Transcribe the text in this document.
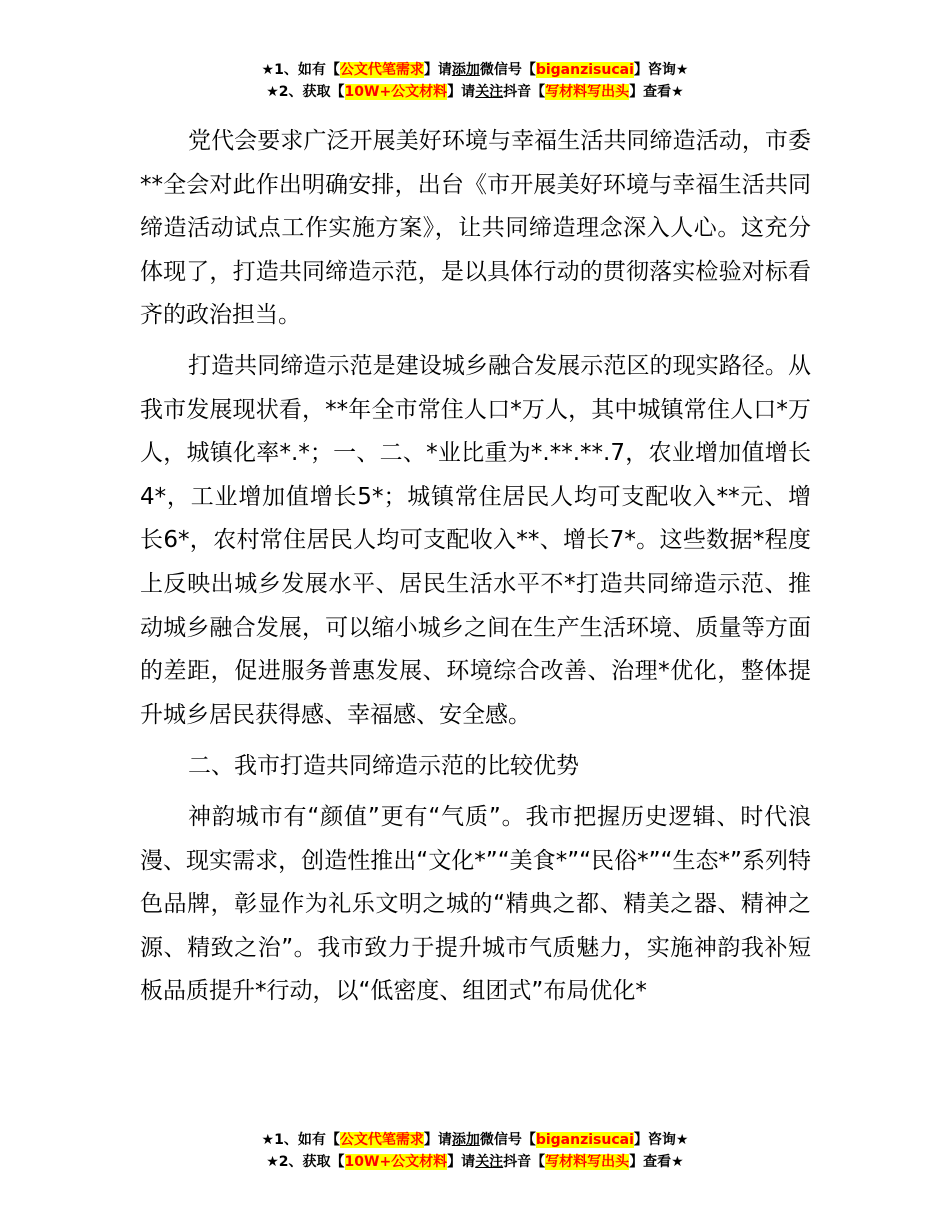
★1、如有【公文代笔需求】请添加微信号【biganzisucai】咨询★
★2、获取【10W+公文材料】请关注抖音【写材料写出头】查看★

党代会要求广泛开展美好环境与幸福生活共同缔造活动，市委**全会对此作出明确安排，出台《市开展美好环境与幸福生活共同缔造活动试点工作实施方案》，让共同缔造理念深入人心。这充分体现了，打造共同缔造示范，是以具体行动的贯彻落实检验对标看齐的政治担当。

打造共同缔造示范是建设城乡融合发展示范区的现实路径。从我市发展现状看，**年全市常住人口*万人，其中城镇常住人口*万人，城镇化率*.*；一、二、*业比重为*.**.**.7，农业增加值增长4*，工业增加值增长5*；城镇常住居民人均可支配收入**元、增长6*，农村常住居民人均可支配收入**、增长7*。这些数据*程度上反映出城乡发展水平、居民生活水平不*打造共同缔造示范、推动城乡融合发展，可以缩小城乡之间在生产生活环境、质量等方面的差距，促进服务普惠发展、环境综合改善、治理*优化，整体提升城乡居民获得感、幸福感、安全感。

二、我市打造共同缔造示范的比较优势

神韵城市有“颜值”更有“气质”。我市把握历史逻辑、时代浪漫、现实需求，创造性推出“文化*”“美食*”“民俗*”“生态*”系列特色品牌，彰显作为礼乐文明之城的“精典之都、精美之器、精神之源、精致之治”。我市致力于提升城市气质魅力，实施神韵我补短板品质提升*行动，以“低密度、组团式”布局优化*

★1、如有【公文代笔需求】请添加微信号【biganzisucai】咨询★
★2、获取【10W+公文材料】请关注抖音【写材料写出头】查看★
